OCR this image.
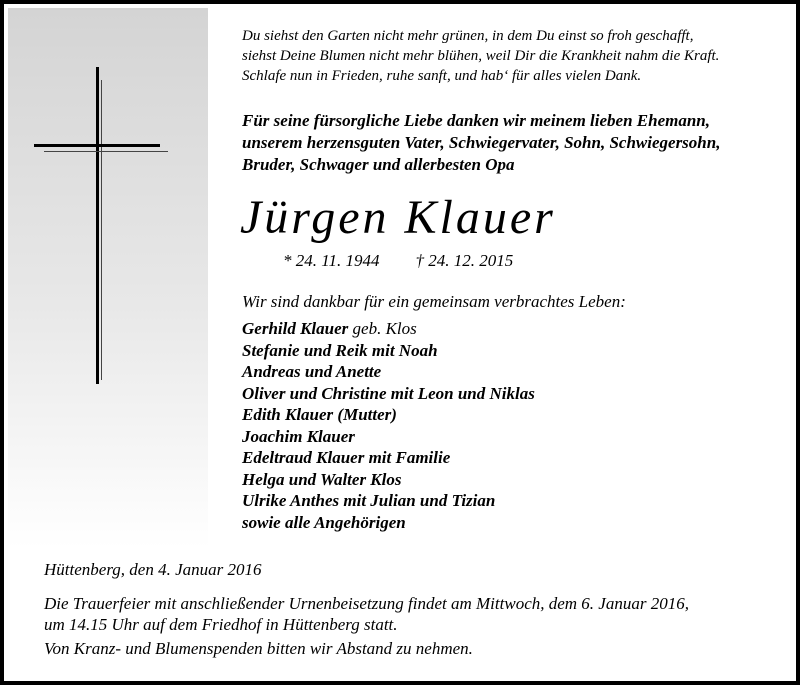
Du siehst den Garten nicht mehr grünen, in dem Du einst so froh geschafft,
siehst Deine Blumen nicht mehr blühen, weil Dir die Krankheit nahm die Kraft.
Schlafe nun in Frieden, ruhe sanft, und hab‘ für alles vielen Dank.
Für seine fürsorgliche Liebe danken wir meinem lieben Ehemann,
unserem herzensguten Vater, Schwiegervater, Sohn, Schwiegersohn,
Bruder, Schwager und allerbesten Opa
Jürgen Klauer
* 24. 11. 1944 † 24. 12. 2015
Wir sind dankbar für ein gemeinsam verbrachtes Leben:
Gerhild Klauer geb. Klos
Stefanie und Reik mit Noah
Andreas und Anette
Oliver und Christine mit Leon und Niklas
Edith Klauer (Mutter)
Joachim Klauer
Edeltraud Klauer mit Familie
Helga und Walter Klos
Ulrike Anthes mit Julian und Tizian
sowie alle Angehörigen
Hüttenberg, den 4. Januar 2016
Die Trauerfeier mit anschließender Urnenbeisetzung findet am Mittwoch, dem 6. Januar 2016,
um 14.15 Uhr auf dem Friedhof in Hüttenberg statt.
Von Kranz- und Blumenspenden bitten wir Abstand zu nehmen.
